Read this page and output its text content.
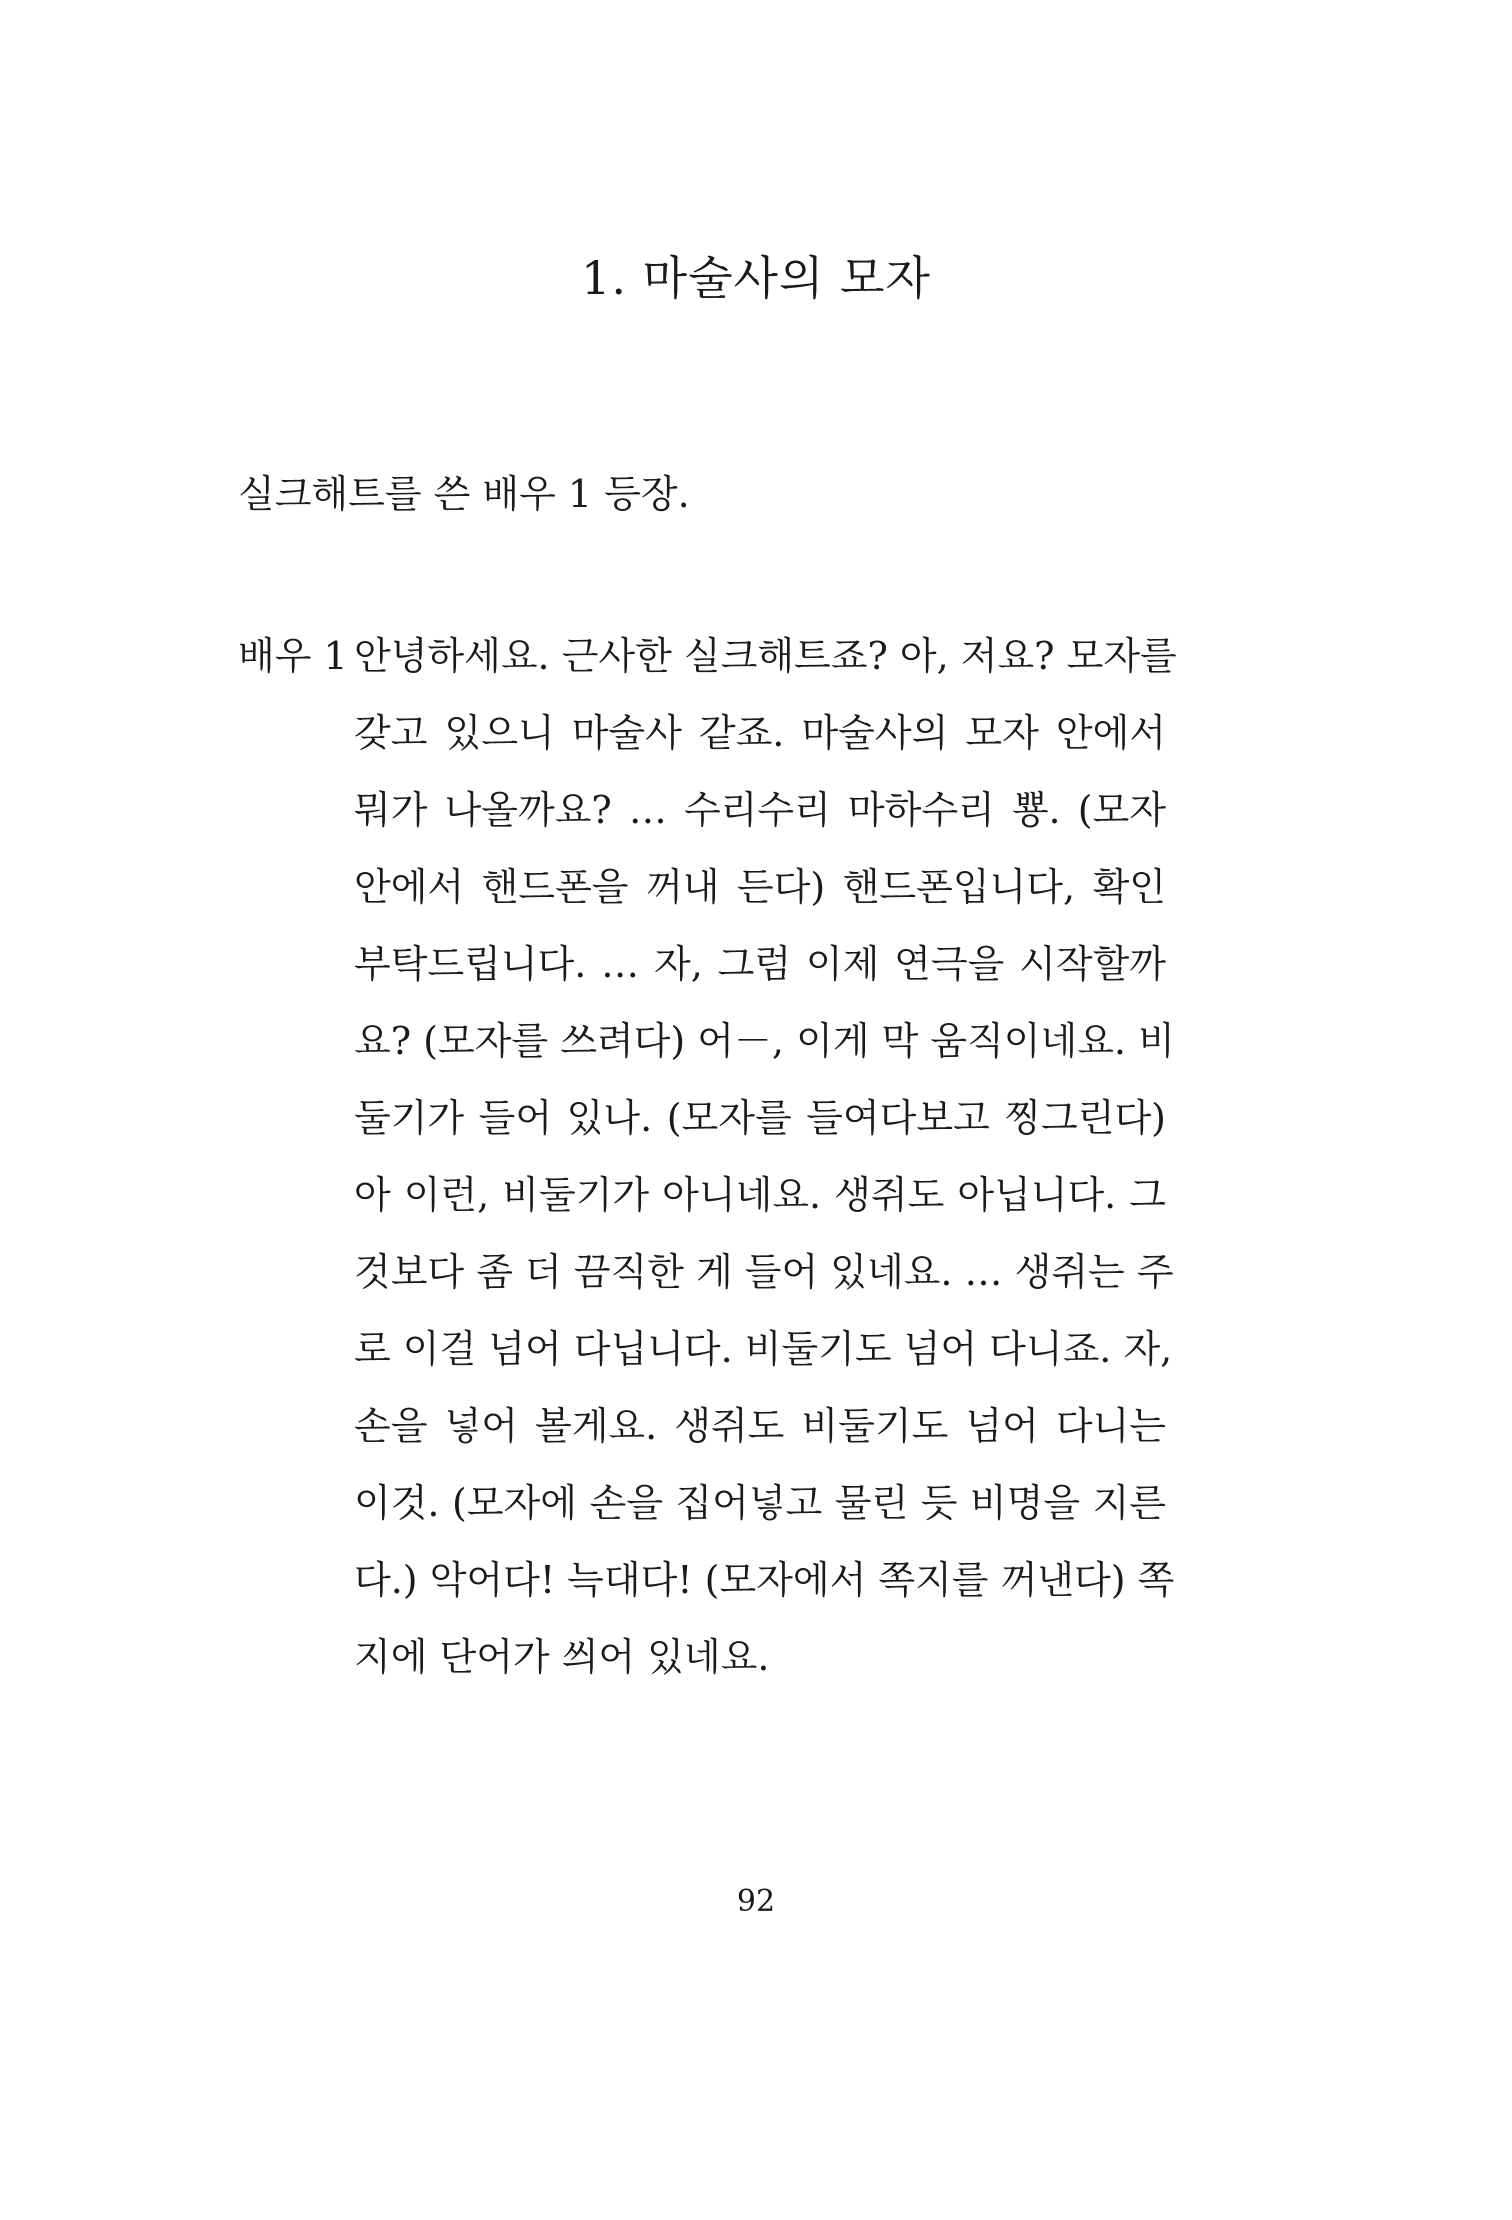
1. 마술사의 모자
실크해트를 쓴 배우 1 등장.
배우 1 안녕하세요. 근사한 실크해트죠? 아, 저요? 모자를
갖고 있으니 마술사 같죠. 마술사의 모자 안에서
뭐가 나올까요? … 수리수리 마하수리 뿅. (모자
안에서 핸드폰을 꺼내 든다) 핸드폰입니다, 확인
부탁드립니다. … 자, 그럼 이제 연극을 시작할까
요? (모자를 쓰려다) 어－, 이게 막 움직이네요. 비
둘기가 들어 있나. (모자를 들여다보고 찡그린다)
아 이런, 비둘기가 아니네요. 생쥐도 아닙니다. 그
것보다 좀 더 끔직한 게 들어 있네요. … 생쥐는 주
로 이걸 넘어 다닙니다. 비둘기도 넘어 다니죠. 자,
손을 넣어 볼게요. 생쥐도 비둘기도 넘어 다니는
이것. (모자에 손을 집어넣고 물린 듯 비명을 지른
다.) 악어다! 늑대다! (모자에서 쪽지를 꺼낸다) 쪽
지에 단어가 씌어 있네요.
92
